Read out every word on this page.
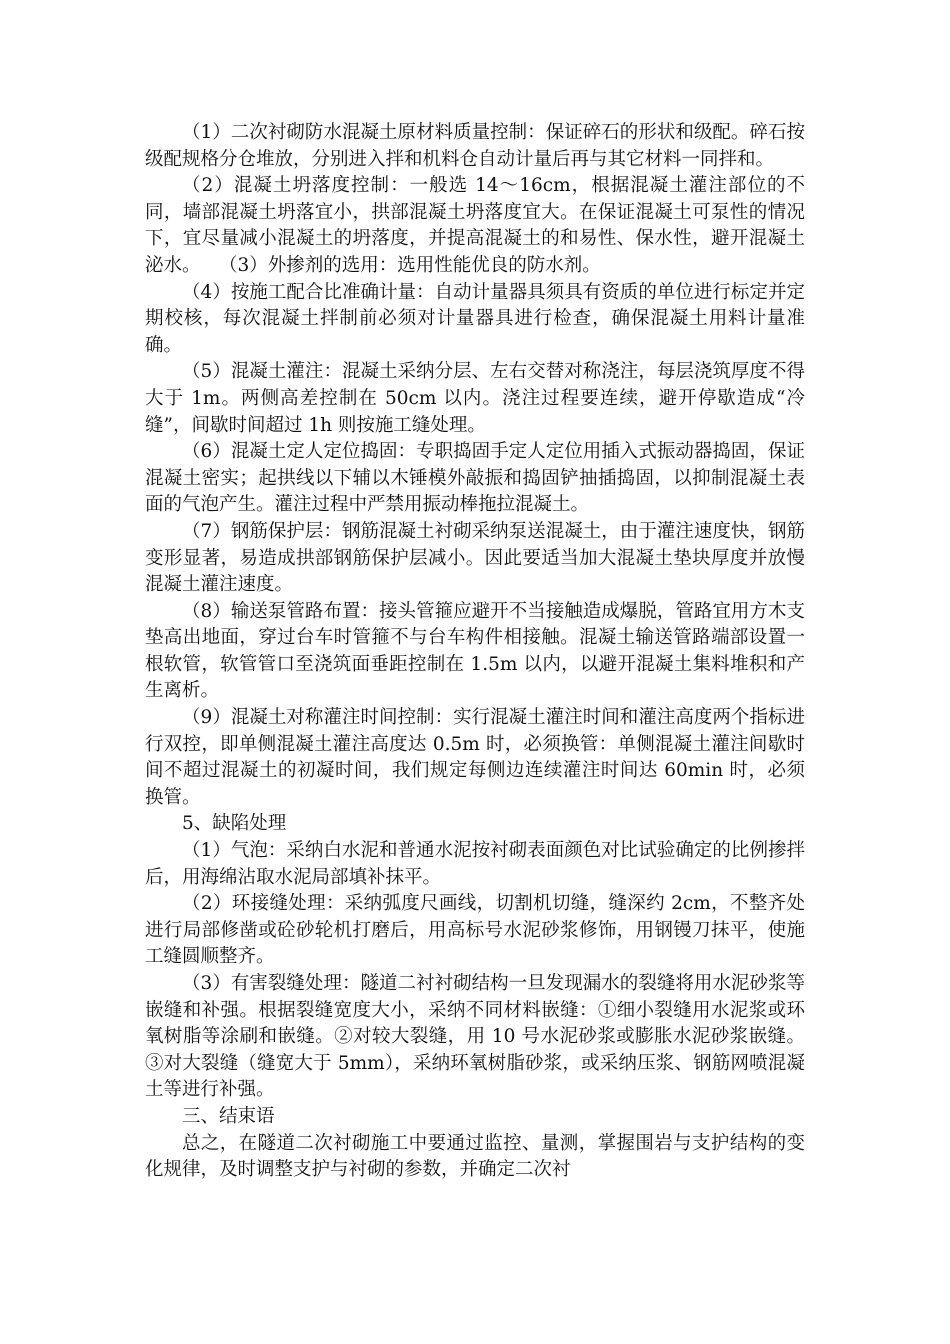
（1）二次衬砌防水混凝土原材料质量控制：保证碎石的形状和级配。碎石按级配规格分仓堆放，分别进入拌和机料仓自动计量后再与其它材料一同拌和。

（2）混凝土坍落度控制：一般选 14～16cm，根据混凝土灌注部位的不同，墙部混凝土坍落宜小，拱部混凝土坍落度宜大。在保证混凝土可泵性的情况下，宜尽量减小混凝土的坍落度，并提高混凝土的和易性、保水性，避开混凝土泌水。　　（3）外掺剂的选用：选用性能优良的防水剂。

（4）按施工配合比准确计量：自动计量器具须具有资质的单位进行标定并定期校核，每次混凝土拌制前必须对计量器具进行检查，确保混凝土用料计量准确。

（5）混凝土灌注：混凝土采纳分层、左右交替对称浇注，每层浇筑厚度不得大于 1m。两侧高差控制在 50cm 以内。浇注过程要连续，避开停歇造成“冷缝”，间歇时间超过 1h 则按施工缝处理。

（6）混凝土定人定位捣固：专职捣固手定人定位用插入式振动器捣固，保证混凝土密实；起拱线以下辅以木锤模外敲振和捣固铲抽插捣固，以抑制混凝土表面的气泡产生。灌注过程中严禁用振动棒拖拉混凝土。

（7）钢筋保护层：钢筋混凝土衬砌采纳泵送混凝土，由于灌注速度快，钢筋变形显著，易造成拱部钢筋保护层减小。因此要适当加大混凝土垫块厚度并放慢混凝土灌注速度。

（8）输送泵管路布置：接头管箍应避开不当接触造成爆脱，管路宜用方木支垫高出地面，穿过台车时管箍不与台车构件相接触。混凝土输送管路端部设置一根软管，软管管口至浇筑面垂距控制在 1.5m 以内，以避开混凝土集料堆积和产生离析。

（9）混凝土对称灌注时间控制：实行混凝土灌注时间和灌注高度两个指标进行双控，即单侧混凝土灌注高度达 0.5m 时，必须换管：单侧混凝土灌注间歇时间不超过混凝土的初凝时间，我们规定每侧边连续灌注时间达 60min 时，必须换管。

5、缺陷处理

（1）气泡：采纳白水泥和普通水泥按衬砌表面颜色对比试验确定的比例掺拌后，用海绵沾取水泥局部填补抹平。

（2）环接缝处理：采纳弧度尺画线，切割机切缝，缝深约 2cm，不整齐处进行局部修凿或砼砂轮机打磨后，用高标号水泥砂浆修饰，用钢镘刀抹平，使施工缝圆顺整齐。

（3）有害裂缝处理：隧道二衬衬砌结构一旦发现漏水的裂缝将用水泥砂浆等嵌缝和补强。根据裂缝宽度大小，采纳不同材料嵌缝：①细小裂缝用水泥浆或环氧树脂等涂刷和嵌缝。②对较大裂缝，用 10 号水泥砂浆或膨胀水泥砂浆嵌缝。③对大裂缝（缝宽大于 5mm），采纳环氧树脂砂浆，或采纳压浆、钢筋网喷混凝土等进行补强。

三、结束语

总之，在隧道二次衬砌施工中要通过监控、量测，掌握围岩与支护结构的变化规律，及时调整支护与衬砌的参数，并确定二次衬
